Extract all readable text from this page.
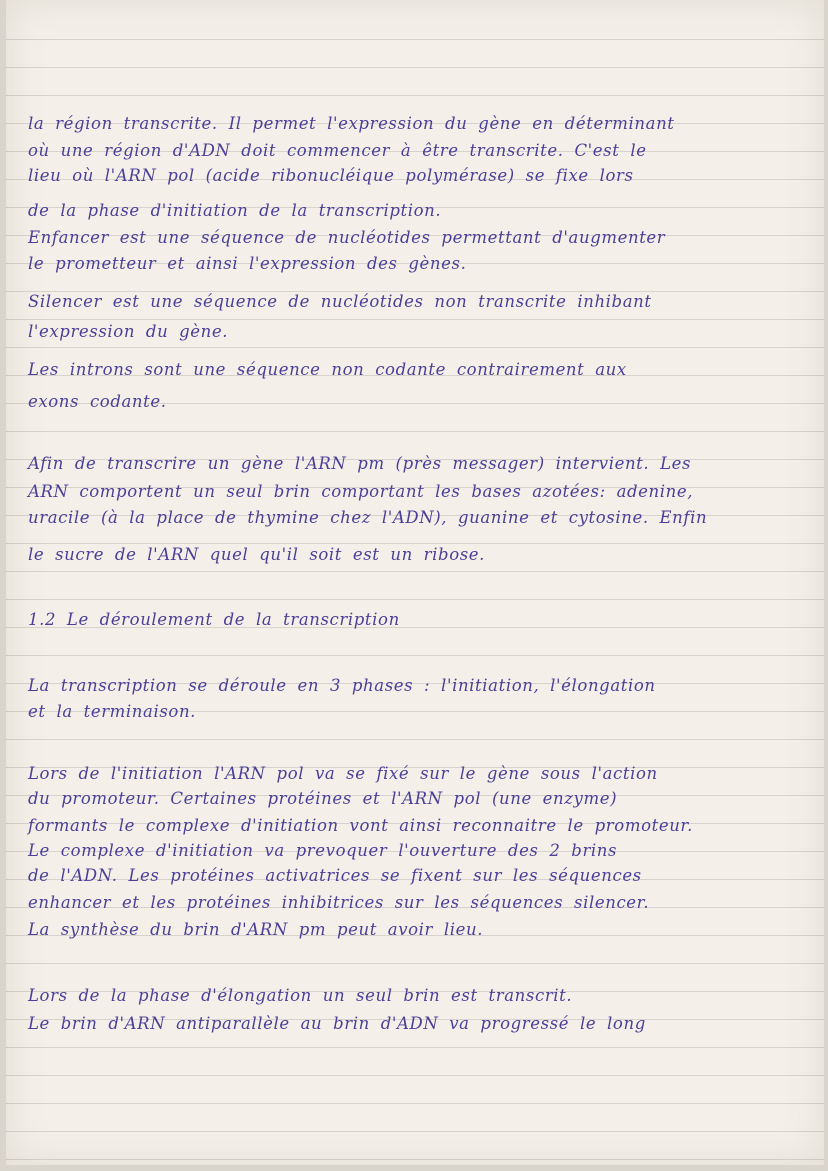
la région transcrite. Il permet l'expression du gène en déterminant
où une région d'ADN doit commencer à être transcrite. C'est le
lieu où l'ARN pol (acide ribonucléique polymérase) se fixe lors
de la phase d'initiation de la transcription.
Enfancer est une séquence de nucléotides permettant d'augmenter
le prometteur et ainsi l'expression des gènes.
Silencer est une séquence de nucléotides non transcrite inhibant
l'expression du gène.
Les introns sont une séquence non codante contrairement aux
exons codante.
Afin de transcrire un gène l'ARN pm (près messager) intervient. Les
ARN comportent un seul brin comportant les bases azotées: adenine,
uracile (à la place de thymine chez l'ADN), guanine et cytosine. Enfin
le sucre de l'ARN quel qu'il soit est un ribose.
1.2 Le déroulement de la transcription
La transcription se déroule en 3 phases : l'initiation, l'élongation
et la terminaison.
Lors de l'initiation l'ARN pol va se fixé sur le gène sous l'action
du promoteur. Certaines protéines et l'ARN pol (une enzyme)
formants le complexe d'initiation vont ainsi reconnaitre le promoteur.
Le complexe d'initiation va prevoquer l'ouverture des 2 brins
de l'ADN. Les protéines activatrices se fixent sur les séquences
enhancer et les protéines inhibitrices sur les séquences silencer.
La synthèse du brin d'ARN pm peut avoir lieu.
Lors de la phase d'élongation un seul brin est transcrit.
Le brin d'ARN antiparallèle au brin d'ADN va progressé le long
